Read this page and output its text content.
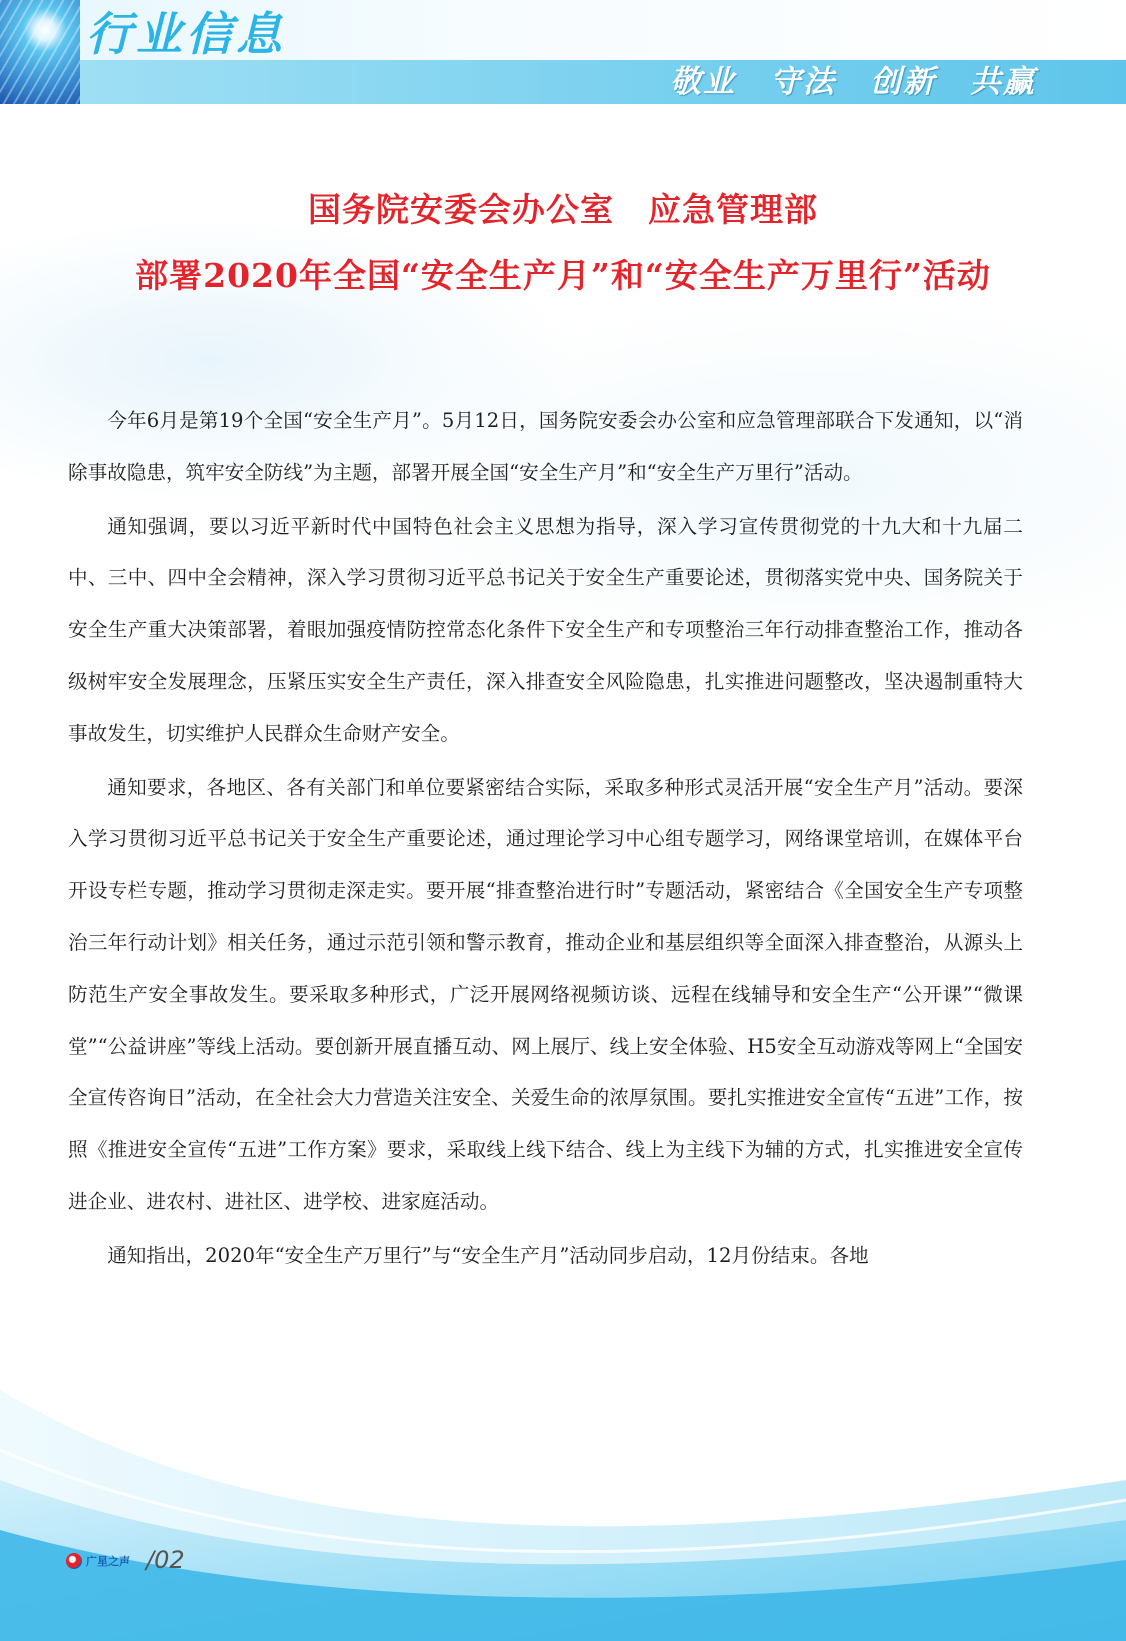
行业信息
敬业 守法 创新 共赢
国务院安委会办公室　应急管理部
部署2020年全国“安全生产月”和“安全生产万里行”活动

今年6月是第19个全国“安全生产月”。5月12日，国务院安委会办公室和应急管理部联合下发通知，以“消除事故隐患，筑牢安全防线”为主题，部署开展全国“安全生产月”和“安全生产万里行”活动。

通知强调，要以习近平新时代中国特色社会主义思想为指导，深入学习宣传贯彻党的十九大和十九届二中、三中、四中全会精神，深入学习贯彻习近平总书记关于安全生产重要论述，贯彻落实党中央、国务院关于安全生产重大决策部署，着眼加强疫情防控常态化条件下安全生产和专项整治三年行动排查整治工作，推动各级树牢安全发展理念，压紧压实安全生产责任，深入排查安全风险隐患，扎实推进问题整改，坚决遏制重特大事故发生，切实维护人民群众生命财产安全。

通知要求，各地区、各有关部门和单位要紧密结合实际，采取多种形式灵活开展“安全生产月”活动。要深入学习贯彻习近平总书记关于安全生产重要论述，通过理论学习中心组专题学习，网络课堂培训，在媒体平台开设专栏专题，推动学习贯彻走深走实。要开展“排查整治进行时”专题活动，紧密结合《全国安全生产专项整治三年行动计划》相关任务，通过示范引领和警示教育，推动企业和基层组织等全面深入排查整治，从源头上防范生产安全事故发生。要采取多种形式，广泛开展网络视频访谈、远程在线辅导和安全生产“公开课”“微课堂”“公益讲座”等线上活动。要创新开展直播互动、网上展厅、线上安全体验、H5安全互动游戏等网上“全国安全宣传咨询日”活动，在全社会大力营造关注安全、关爱生命的浓厚氛围。要扎实推进安全宣传“五进”工作，按照《推进安全宣传“五进”工作方案》要求，采取线上线下结合、线上为主线下为辅的方式，扎实推进安全宣传进企业、进农村、进社区、进学校、进家庭活动。

通知指出，2020年“安全生产万里行”与“安全生产月”活动同步启动，12月份结束。各地

广星之声 /02
